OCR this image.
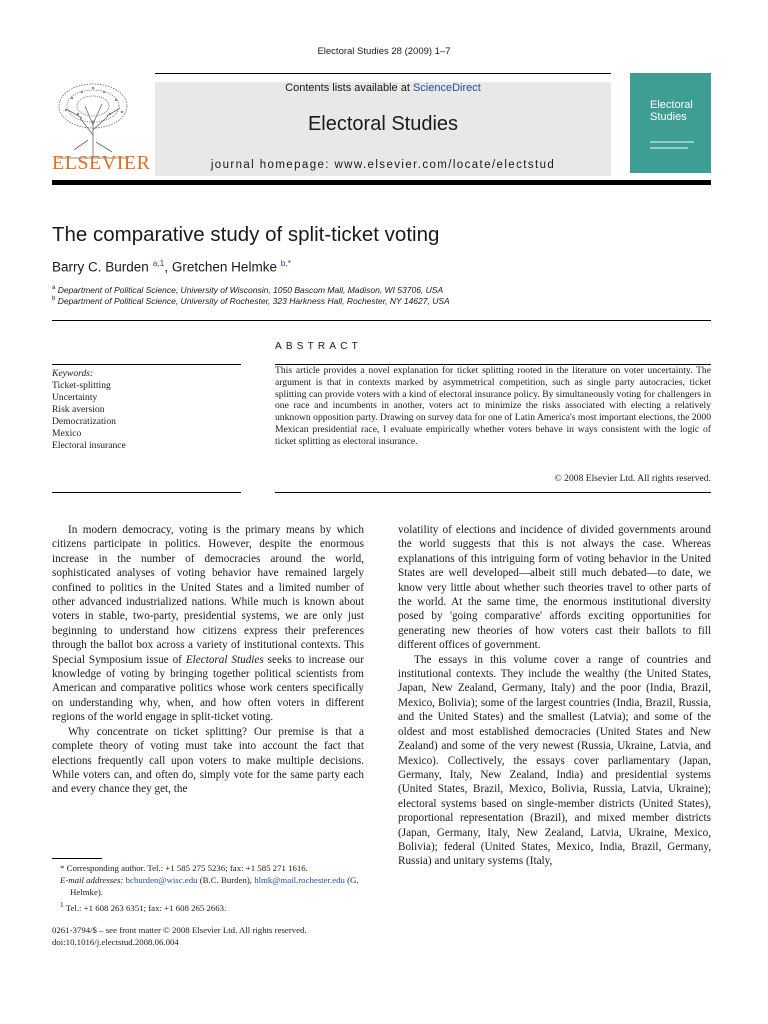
Electoral Studies 28 (2009) 1–7
ELSEVIER
Contents lists available at ScienceDirect
Electoral Studies
journal homepage: www.elsevier.com/locate/electstud
Electoral Studies
The comparative study of split-ticket voting
Barry C. Burden $^{a,1}$, Gretchen Helmke $^{b,*}$
$^a$ Department of Political Science, University of Wisconsin, 1050 Bascom Mall, Madison, WI 53706, USA
$^b$ Department of Political Science, University of Rochester, 323 Harkness Hall, Rochester, NY 14627, USA
ABSTRACT
Keywords:
Ticket-splitting
Uncertainty
Risk aversion
Democratization
Mexico
Electoral insurance
This article provides a novel explanation for ticket splitting rooted in the literature on voter uncertainty. The argument is that in contexts marked by asymmetrical competition, such as single party autocracies, ticket splitting can provide voters with a kind of electoral insurance policy. By simultaneously voting for challengers in one race and incumbents in another, voters act to minimize the risks associated with electing a relatively unknown opposition party. Drawing on survey data for one of Latin America's most important elections, the 2000 Mexican presidential race, I evaluate empirically whether voters behave in ways consistent with the logic of ticket splitting as electoral insurance.
© 2008 Elsevier Ltd. All rights reserved.

In modern democracy, voting is the primary means by which citizens participate in politics. However, despite the enormous increase in the number of democracies around the world, sophisticated analyses of voting behavior have remained largely confined to politics in the United States and a limited number of other advanced industrialized nations. While much is known about voters in stable, two-party, presidential systems, we are only just beginning to understand how citizens express their preferences through the ballot box across a variety of institutional contexts. This Special Symposium issue of Electoral Studies seeks to increase our knowledge of voting by bringing together political scientists from American and comparative politics whose work centers specifically on understanding why, when, and how often voters in different regions of the world engage in split-ticket voting.

Why concentrate on ticket splitting? Our premise is that a complete theory of voting must take into account the fact that elections frequently call upon voters to make multiple decisions. While voters can, and often do, simply vote for the same party each and every chance they get, the

volatility of elections and incidence of divided governments around the world suggests that this is not always the case. Whereas explanations of this intriguing form of voting behavior in the United States are well developed—albeit still much debated—to date, we know very little about whether such theories travel to other parts of the world. At the same time, the enormous institutional diversity posed by 'going comparative' affords exciting opportunities for generating new theories of how voters cast their ballots to fill different offices of government.

The essays in this volume cover a range of countries and institutional contexts. They include the wealthy (the United States, Japan, New Zealand, Germany, Italy) and the poor (India, Brazil, Mexico, Bolivia); some of the largest countries (India, Brazil, Russia, and the United States) and the smallest (Latvia); and some of the oldest and most established democracies (United States and New Zealand) and some of the very newest (Russia, Ukraine, Latvia, and Mexico). Collectively, the essays cover parliamentary (Japan, Germany, Italy, New Zealand, India) and presidential systems (United States, Brazil, Mexico, Bolivia, Russia, Latvia, Ukraine); electoral systems based on single-member districts (United States), proportional representation (Brazil), and mixed member districts (Japan, Germany, Italy, New Zealand, Latvia, Ukraine, Mexico, Bolivia); federal (United States, Mexico, India, Brazil, Germany, Russia) and unitary systems (Italy,

* Corresponding author. Tel.: +1 585 275 5236; fax: +1 585 271 1616.
E-mail addresses: bcburden@wisc.edu (B.C. Burden), hlmk@mail.rochester.edu (G. Helmke).
$^1$ Tel.: +1 608 263 6351; fax: +1 608 265 2663.
0261-3794/$ – see front matter © 2008 Elsevier Ltd. All rights reserved.
doi:10.1016/j.electstud.2008.06.004
